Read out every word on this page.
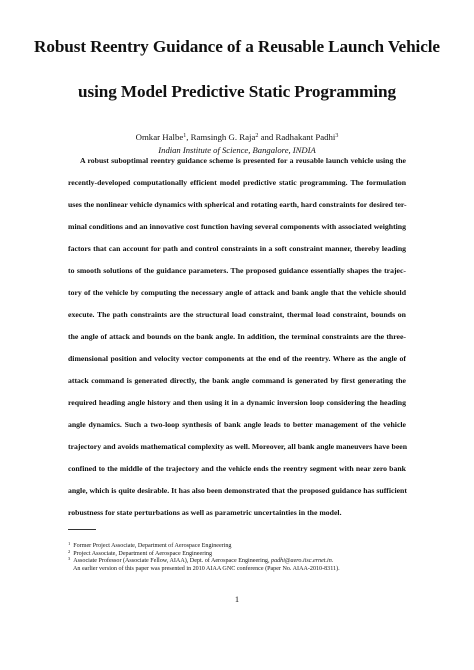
Robust Reentry Guidance of a Reusable Launch Vehicle
using Model Predictive Static Programming
Omkar Halbe$^1$, Ramsingh G. Raja$^2$ and Radhakant Padhi$^3$
Indian Institute of Science, Bangalore, INDIA
A robust suboptimal reentry guidance scheme is presented for a reusable launch vehicle using the
recently-developed computationally efficient model predictive static programming. The formulation
uses the nonlinear vehicle dynamics with spherical and rotating earth, hard constraints for desired ter-
minal conditions and an innovative cost function having several components with associated weighting
factors that can account for path and control constraints in a soft constraint manner, thereby leading
to smooth solutions of the guidance parameters. The proposed guidance essentially shapes the trajec-
tory of the vehicle by computing the necessary angle of attack and bank angle that the vehicle should
execute. The path constraints are the structural load constraint, thermal load constraint, bounds on
the angle of attack and bounds on the bank angle. In addition, the terminal constraints are the three-
dimensional position and velocity vector components at the end of the reentry. Where as the angle of
attack command is generated directly, the bank angle command is generated by first generating the
required heading angle history and then using it in a dynamic inversion loop considering the heading
angle dynamics. Such a two-loop synthesis of bank angle leads to better management of the vehicle
trajectory and avoids mathematical complexity as well. Moreover, all bank angle maneuvers have been
confined to the middle of the trajectory and the vehicle ends the reentry segment with near zero bank
angle, which is quite desirable. It has also been demonstrated that the proposed guidance has sufficient
robustness for state perturbations as well as parametric uncertainties in the model.
$^1$ Former Project Associate, Department of Aerospace Engineering
$^2$ Project Associate, Department of Aerospace Engineering
$^3$ Associate Professor (Associate Fellow, AIAA), Dept. of Aerospace Engineering, padhi@aero.iisc.ernet.in.
An earlier version of this paper was presented in 2010 AIAA GNC conference (Paper No. AIAA-2010-8311).
1
